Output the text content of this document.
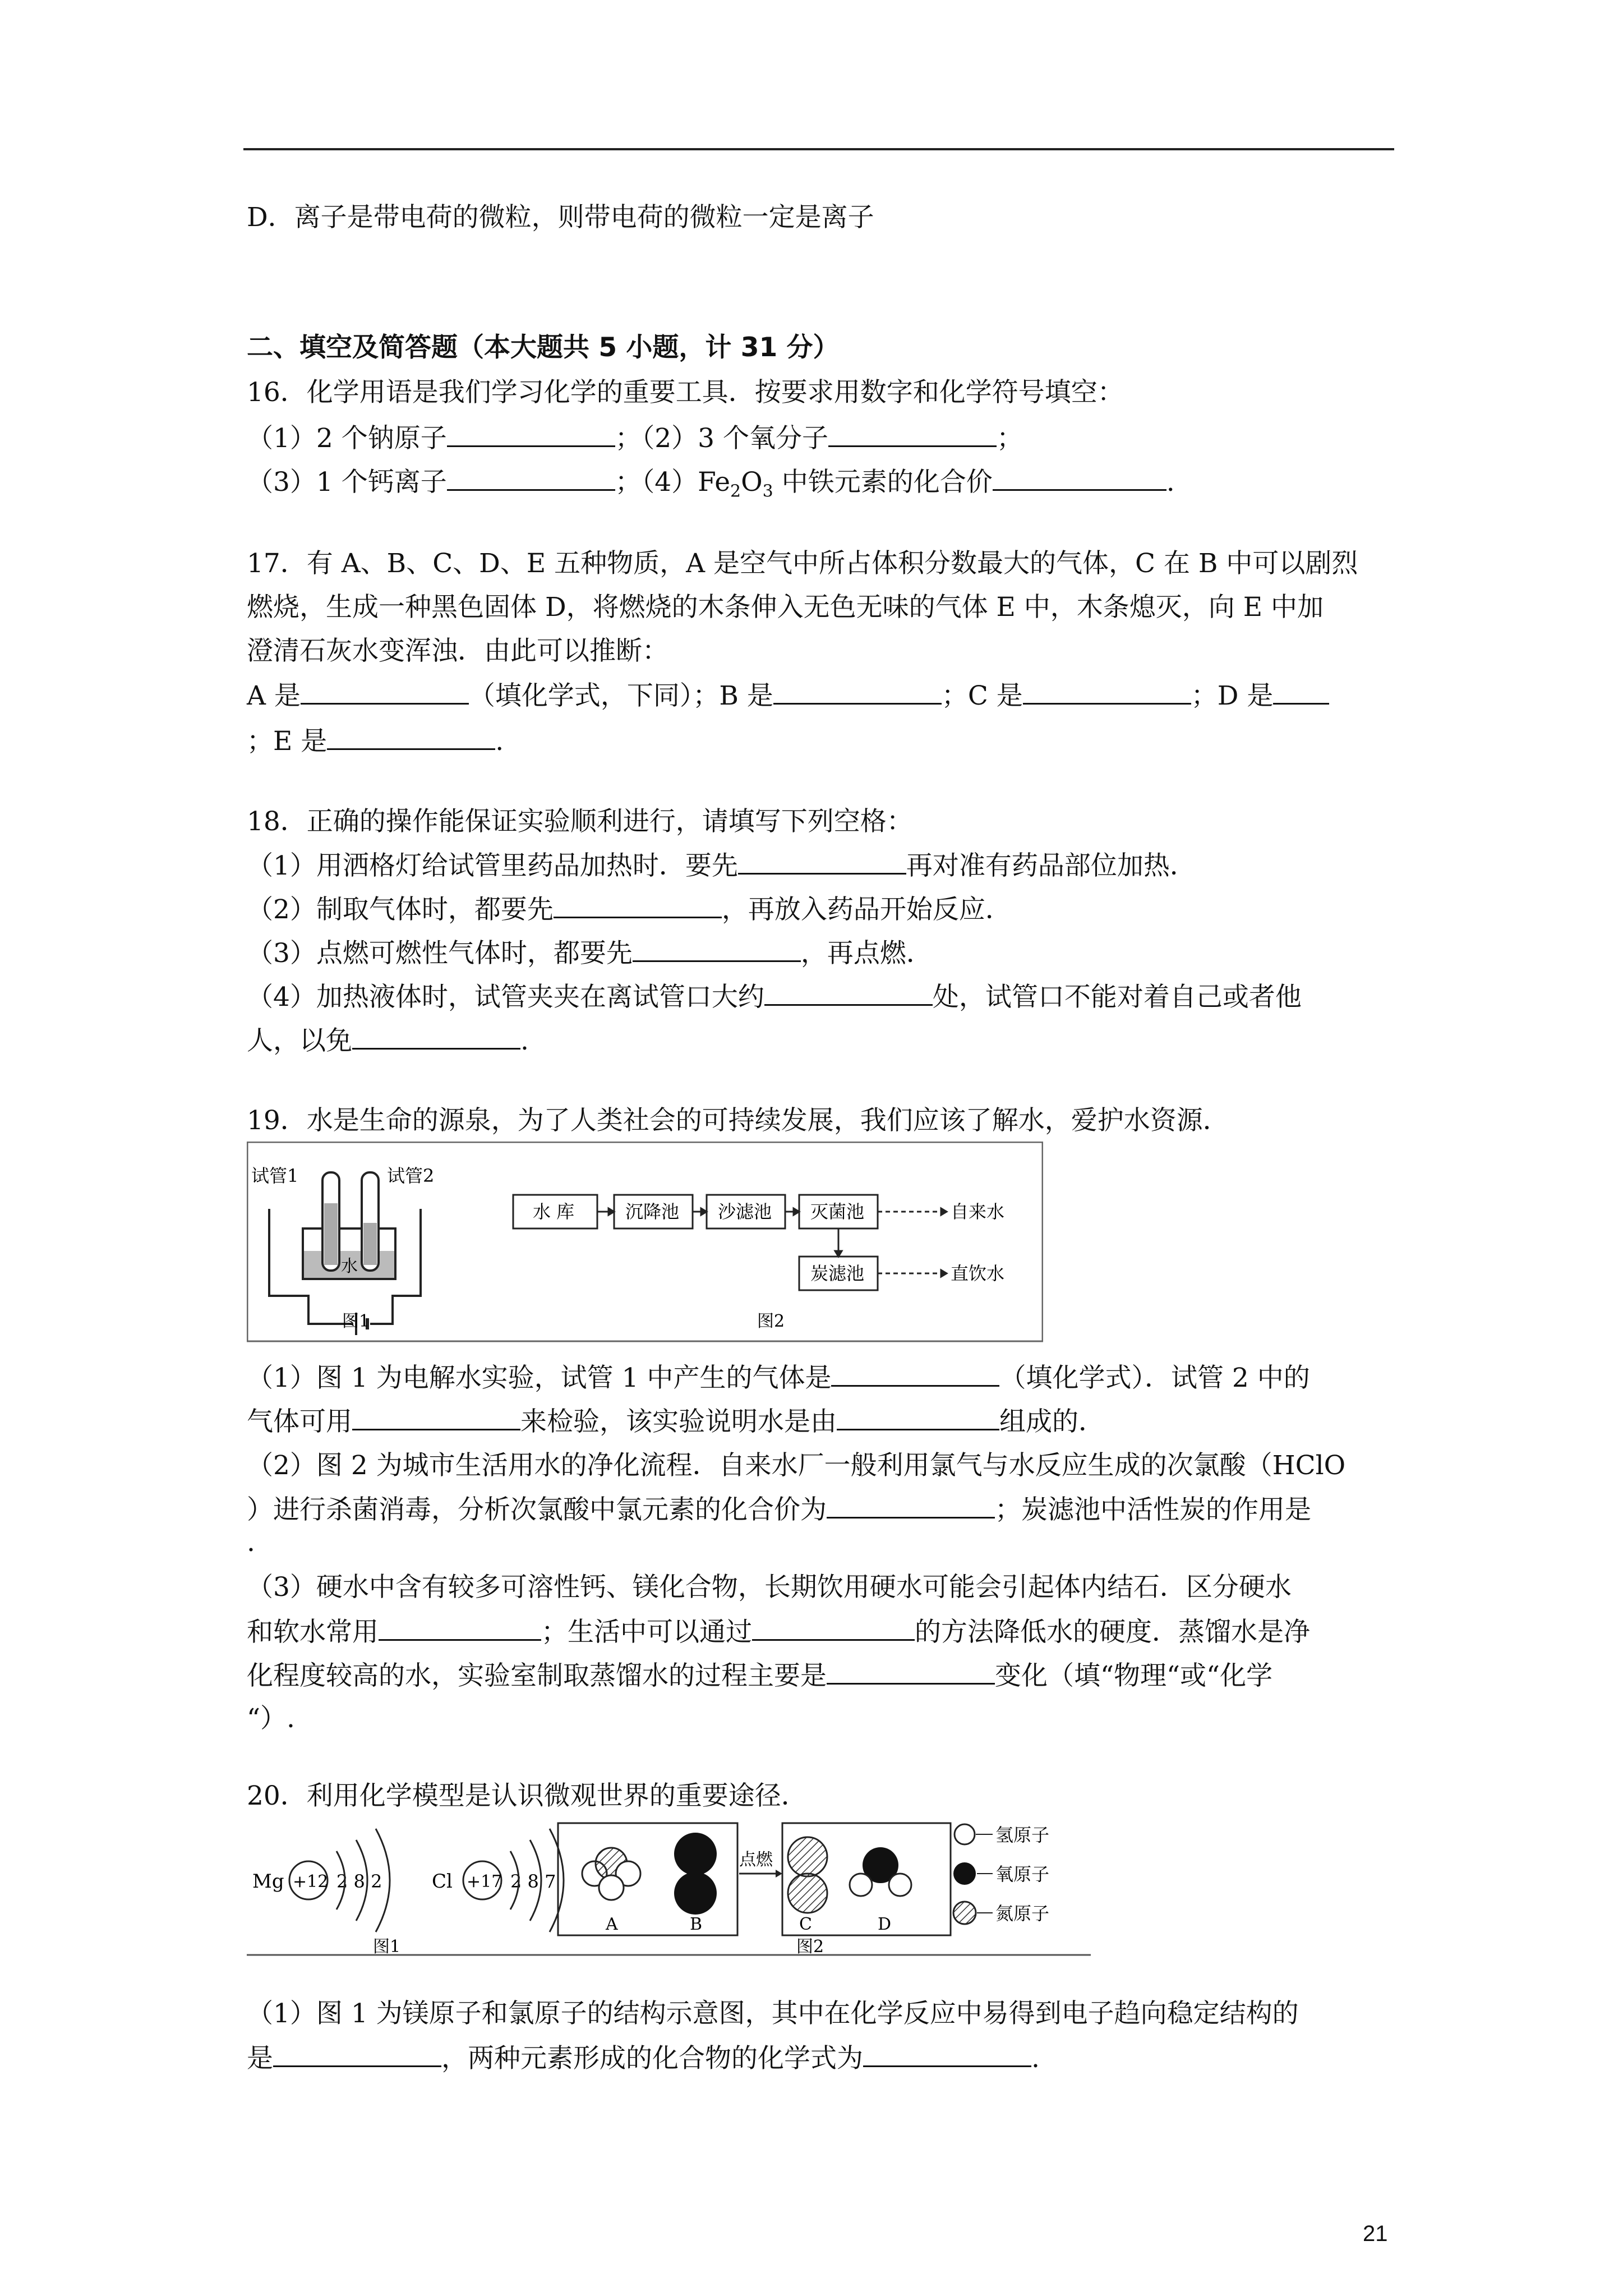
D．离子是带电荷的微粒，则带电荷的微粒一定是离子
二、填空及简答题（本大题共 5 小题，计 31 分）
16．化学用语是我们学习化学的重要工具．按要求用数字和化学符号填空：
（1）2 个钠原子	；（2）3 个氧分子	；
（3）1 个钙离子	；$(4)Fe_2O_3$ 中铁元素的化合价	.
17．有 A、B、C、D、E 五种物质，A 是空气中所占体积分数最大的气体，C 在 B 中可以剧烈
燃烧，生成一种黑色固体 D，将燃烧的木条伸入无色无味的气体 E 中，木条熄灭，向 E 中加
澄清石灰水变浑浊．由此可以推断：
A 是	（填化学式，下同）；B 是	；C 是	；D 是
；E 是	.
18．正确的操作能保证实验顺利进行，请填写下列空格：
（1）用洒格灯给试管里药品加热时．要先	再对准有药品部位加热．
（2）制取气体时，都要先	，再放入药品开始反应．
（3）点燃可燃性气体时，都要先	，再点燃．
（4）加热液体时，试管夹夹在离试管口大约	处，试管口不能对着自己或者他
人，以免	.
19．水是生命的源泉，为了人类社会的可持续发展，我们应该了解水，爱护水资源．
试管1	试管2
水
图1
水 库	沉降池 沙滤池 灭菌池
炭滤池
自来水
直饮水
图2
（1）图 1 为电解水实验，试管 1 中产生的气体是	（填化学式）．试管 2 中的
气体可用	来检验，该实验说明水是由	组成的．
（2）图 2 为城市生活用水的净化流程．自来水厂一般利用氯气与水反应生成的次氯酸（HClO
）进行杀菌消毒，分析次氯酸中氯元素的化合价为	；炭滤池中活性炭的作用是
.
（3）硬水中含有较多可溶性钙、镁化合物，长期饮用硬水可能会引起体内结石．区分硬水
和软水常用	；生活中可以通过	的方法降低水的硬度．蒸馏水是净
化程度较高的水，实验室制取蒸馏水的过程主要是	变化（填“物理“或“化学
“）.
20．利用化学模型是认识微观世界的重要途径．
Mg +12 2 8 2	Cl +17 2 8 7
图1
A	B
点燃
C	D
氢原子
氧原子
氮原子
图2
（1）图 1 为镁原子和氯原子的结构示意图，其中在化学反应中易得到电子趋向稳定结构的
是	，两种元素形成的化合物的化学式为	.
21
